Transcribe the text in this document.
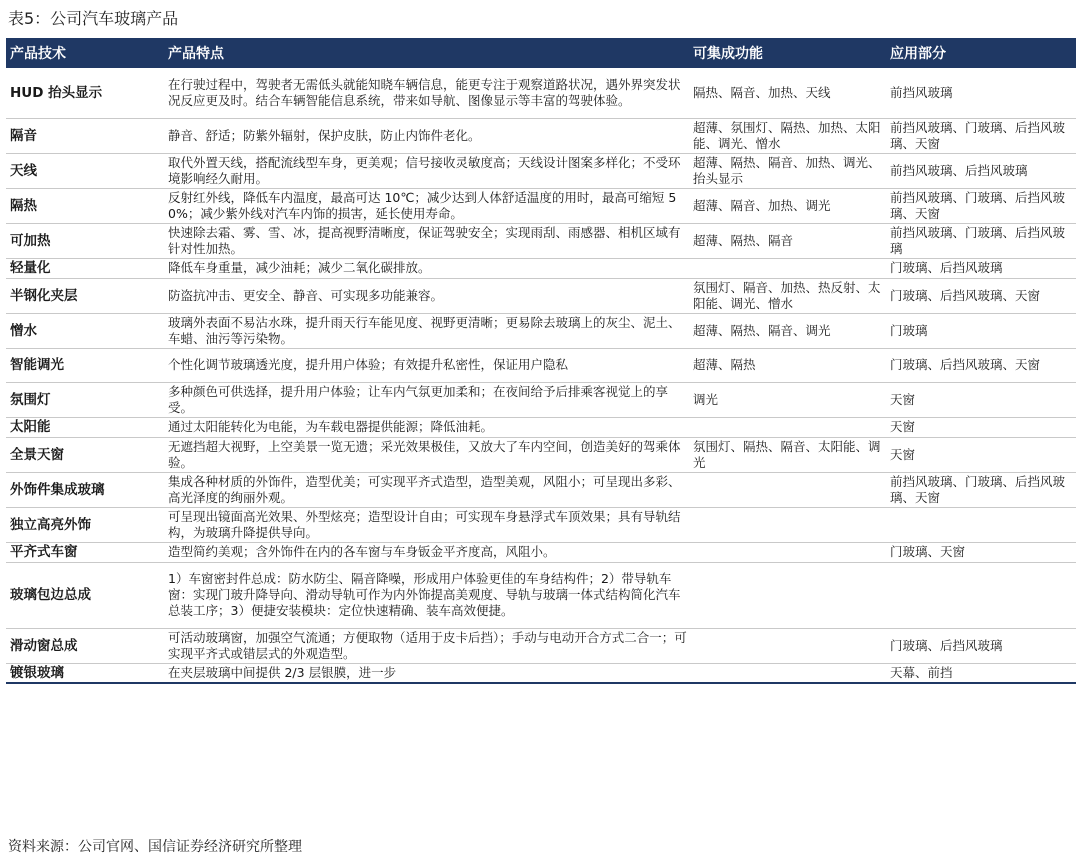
表5：公司汽车玻璃产品
产品技术	产品特点	可集成功能	应用部分
HUD 抬头显示	在行驶过程中，驾驶者无需低头就能知晓车辆信息，能更专注于观察道路状况，遇外界突发状况反应更及时。结合车辆智能信息系统，带来如导航、图像显示等丰富的驾驶体验。	隔热、隔音、加热、天线	前挡风玻璃
隔音	静音、舒适；防紫外辐射，保护皮肤，防止内饰件老化。	超薄、氛围灯、隔热、加热、太阳能、调光、憎水	前挡风玻璃、门玻璃、后挡风玻璃、天窗
天线	取代外置天线，搭配流线型车身，更美观；信号接收灵敏度高；天线设计图案多样化；不受环境影响经久耐用。	超薄、隔热、隔音、加热、调光、抬头显示	前挡风玻璃、后挡风玻璃
隔热	反射红外线，降低车内温度，最高可达 10℃；减少达到人体舒适温度的用时，最高可缩短 50%；减少紫外线对汽车内饰的损害，延长使用寿命。	超薄、隔音、加热、调光	前挡风玻璃、门玻璃、后挡风玻璃、天窗
可加热	快速除去霜、雾、雪、冰，提高视野清晰度，保证驾驶安全；实现雨刮、雨感器、相机区域有针对性加热。	超薄、隔热、隔音	前挡风玻璃、门玻璃、后挡风玻璃
轻量化	降低车身重量，减少油耗；减少二氧化碳排放。		门玻璃、后挡风玻璃
半钢化夹层	防盗抗冲击、更安全、静音、可实现多功能兼容。	氛围灯、隔音、加热、热反射、太阳能、调光、憎水	门玻璃、后挡风玻璃、天窗
憎水	玻璃外表面不易沾水珠，提升雨天行车能见度、视野更清晰；更易除去玻璃上的灰尘、泥土、车蜡、油污等污染物。	超薄、隔热、隔音、调光	门玻璃
智能调光	个性化调节玻璃透光度，提升用户体验；有效提升私密性，保证用户隐私	超薄、隔热	门玻璃、后挡风玻璃、天窗
氛围灯	多种颜色可供选择，提升用户体验；让车内气氛更加柔和；在夜间给予后排乘客视觉上的享受。	调光	天窗
太阳能	通过太阳能转化为电能，为车载电器提供能源；降低油耗。		天窗
全景天窗	无遮挡超大视野，上空美景一览无遗；采光效果极佳，又放大了车内空间，创造美好的驾乘体验。	氛围灯、隔热、隔音、太阳能、调光	天窗
外饰件集成玻璃	集成各种材质的外饰件，造型优美；可实现平齐式造型，造型美观，风阻小；可呈现出多彩、高光泽度的绚丽外观。		前挡风玻璃、门玻璃、后挡风玻璃、天窗
独立高亮外饰	可呈现出镜面高光效果、外型炫亮；造型设计自由；可实现车身悬浮式车顶效果；具有导轨结构，为玻璃升降提供导向。		
平齐式车窗	造型简约美观；含外饰件在内的各车窗与车身钣金平齐度高，风阻小。		门玻璃、天窗
玻璃包边总成	1）车窗密封件总成：防水防尘、隔音降噪，形成用户体验更佳的车身结构件；2）带导轨车窗：实现门玻升降导向、滑动导轨可作为内外饰提高美观度、导轨与玻璃一体式结构简化汽车总装工序；3）便捷安装模块：定位快速精确、装车高效便捷。		
滑动窗总成	可活动玻璃窗，加强空气流通；方便取物（适用于皮卡后挡）；手动与电动开合方式二合一；可实现平齐式或错层式的外观造型。		门玻璃、后挡风玻璃
镀银玻璃	在夹层玻璃中间提供 2/3 层银膜，进一步		天幕、前挡
资料来源：公司官网、国信证券经济研究所整理
